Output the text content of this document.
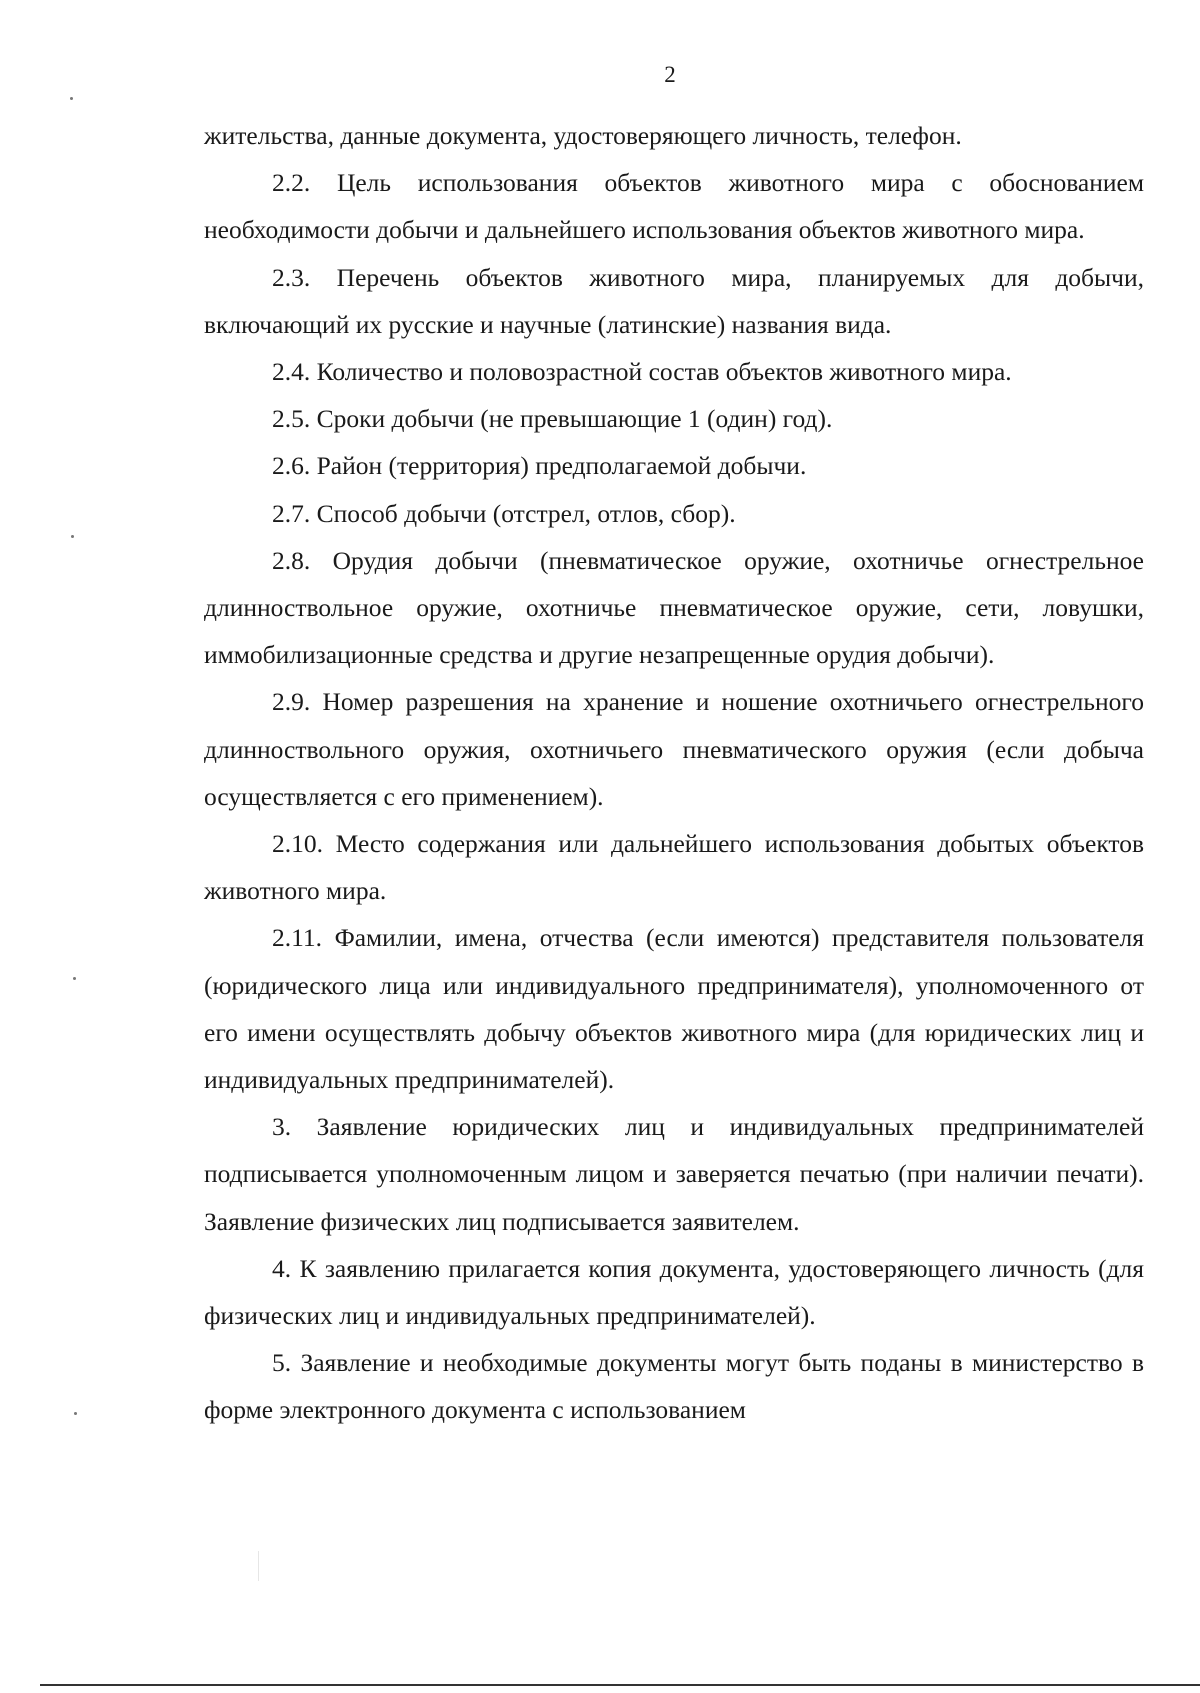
2

жительства, данные документа, удостоверяющего личность, телефон.

2.2. Цель использования объектов животного мира с обоснованием необходимости добычи и дальнейшего использования объектов животного мира.

2.3. Перечень объектов животного мира, планируемых для добычи, включающий их русские и научные (латинские) названия вида.

2.4. Количество и половозрастной состав объектов животного мира.

2.5. Сроки добычи (не превышающие 1 (один) год).

2.6. Район (территория) предполагаемой добычи.

2.7. Способ добычи (отстрел, отлов, сбор).

2.8. Орудия добычи (пневматическое оружие, охотничье огнестрельное длинноствольное оружие, охотничье пневматическое оружие, сети, ловушки, иммобилизационные средства и другие незапрещенные орудия добычи).

2.9. Номер разрешения на хранение и ношение охотничьего огнестрельного длинноствольного оружия, охотничьего пневматического оружия (если добыча осуществляется с его применением).

2.10. Место содержания или дальнейшего использования добытых объектов животного мира.

2.11. Фамилии, имена, отчества (если имеются) представителя пользователя (юридического лица или индивидуального предпринимателя), уполномоченного от его имени осуществлять добычу объектов животного мира (для юридических лиц и индивидуальных предпринимателей).

3. Заявление юридических лиц и индивидуальных предпринимателей подписывается уполномоченным лицом и заверяется печатью (при наличии печати). Заявление физических лиц подписывается заявителем.

4. К заявлению прилагается копия документа, удостоверяющего личность (для физических лиц и индивидуальных предпринимателей).

5. Заявление и необходимые документы могут быть поданы в министерство в форме электронного документа с использованием
